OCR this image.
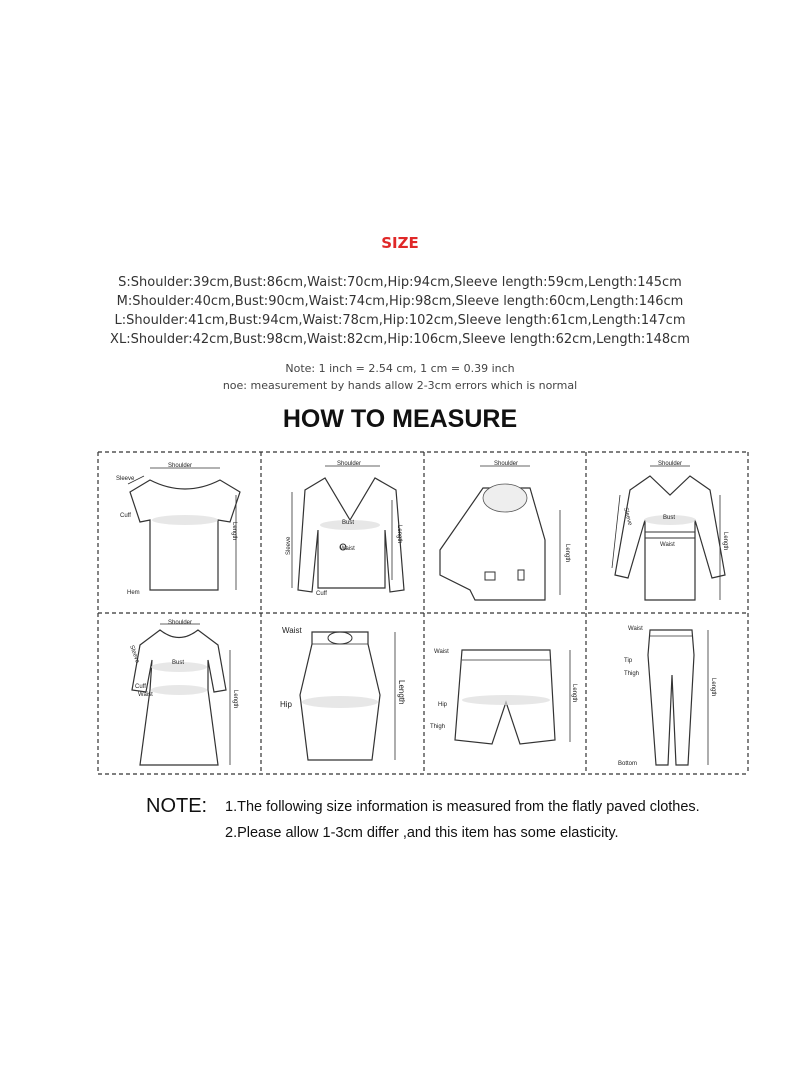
SIZE
S:Shoulder:39cm,Bust:86cm,Waist:70cm,Hip:94cm,Sleeve length:59cm,Length:145cm
M:Shoulder:40cm,Bust:90cm,Waist:74cm,Hip:98cm,Sleeve length:60cm,Length:146cm
L:Shoulder:41cm,Bust:94cm,Waist:78cm,Hip:102cm,Sleeve length:61cm,Length:147cm
XL:Shoulder:42cm,Bust:98cm,Waist:82cm,Hip:106cm,Sleeve length:62cm,Length:148cm
Note: 1 inch = 2.54 cm, 1 cm = 0.39 inch
noe: measurement by hands allow 2-3cm errors which is normal
HOW TO MEASURE
Shoulder
Sleeve
Cuff
Hem
Length
Shoulder
Bust
Waist
Cuff
Sleeve
Length
Shoulder
Length
Shoulder
Bust
Waist
Sleeve
Length
Shoulder
Bust
Cuff
Waist
Sleeve
Length
Waist
Hip
Length
Waist
Hip
Thigh
Length
Waist
Tip
Thigh
Bottom
Length
NOTE: 1.The following size information is measured from the flatly paved clothes.
2.Please allow 1-3cm differ ,and this item has some elasticity.
